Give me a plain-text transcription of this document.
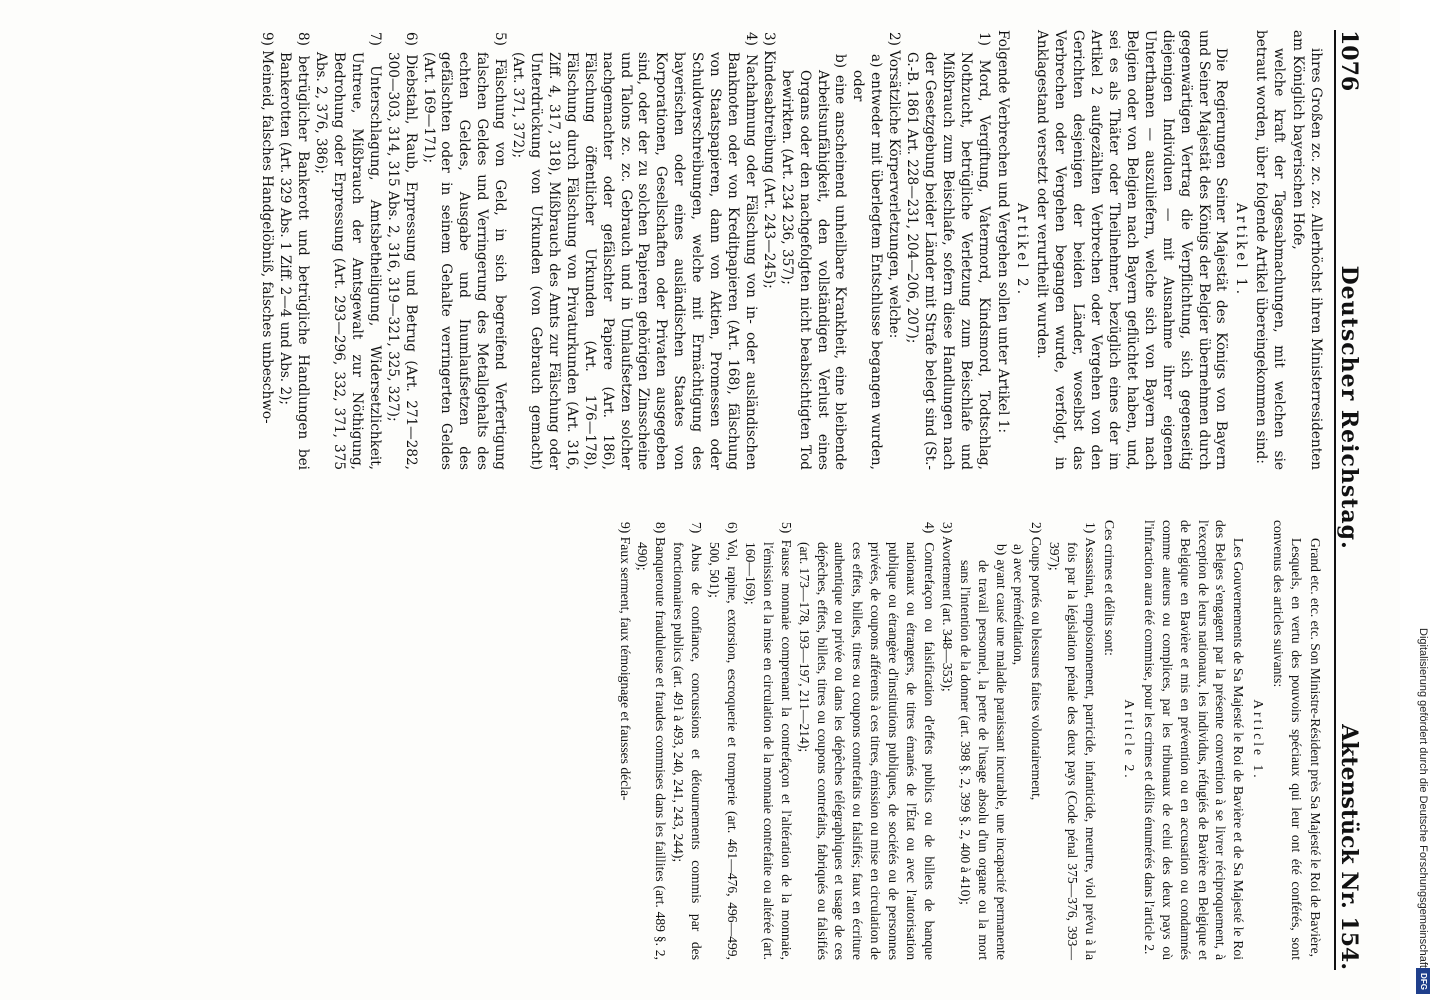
1076
Deutscher Reichstag.
Aktenstück Nr. 154.

ihres Großen zc. zc. zc. Allerhöchst ihren Ministerresidenten am Königlich bayerischen Hofe,

welche kraft der Tagesabmachungen, mit welchen sie betraut worden, über folgende Artikel übereingekommen sind:

Artikel 1.

Die Regierungen Seiner Majestät des Königs von Bayern und Seiner Majestät des Königs der Belgier übernehmen durch gegenwärtigen Vertrag die Verpflichtung, sich gegenseitig diejenigen Individuen — mit Ausnahme ihrer eigenen Unterthanen — auszuliefern, welche sich von Bayern nach Belgien oder von Belgien nach Bayern geflüchtet haben, und, sei es als Thäter oder Theilnehmer, bezüglich eines der im Artikel 2 aufgezählten Verbrechen oder Vergehen von den Gerichten desjenigen der beiden Länder, woselbst das Verbrechen oder Vergehen begangen wurde, verfolgt, in Anklagestand versetzt oder verurtheilt wurden.

Artikel 2.

Folgende Verbrechen und Vergehen sollen unter Artikel 1:

1) Mord, Vergiftung, Vatermord, Kindsmord, Todtschlag, Nothzucht, betrügliche Verletzung zum Beischlafe und Mißbrauch zum Beischlafe, sofern diese Handlungen nach der Gesetzgebung beider Länder mit Strafe belegt sind (St.-G.-B. 1861 Art. 228—231, 204—206, 207);

2) Vorsätzliche Körperverletzungen, welche:

a) entweder mit überlegtem Entschlusse begangen wurden, oder

b) eine anscheinend unheilbare Krankheit, eine bleibende Arbeitsunfähigkeit, den vollständigen Verlust eines Organs oder den nachgefolgten nicht beabsichtigten Tod bewirkten. (Art. 234 236, 357);

3) Kindesabtreibung (Art. 243—245);

4) Nachahmung oder Fälschung von in- oder ausländischen Banknoten oder von Kreditpapieren (Art. 168), fälschung von Staatspapieren, dann von Aktien, Promessen oder Schuldverschreibungen, welche mit Ermächtigung des bayerischen oder eines ausländischen Staates von Korporationen, Gesellschaften oder Privaten ausgegeben sind, oder der zu solchen Papieren gehörigen Zinsscheine und Talons zc. zc. Gebrauch und in Umlaufsetzen solcher nachgemachter oder gefälschter Papiere (Art. 186), Fälschung öffentlicher Urkunden (Art. 176—178), Fälschung durch Fälschung von Privaturkunden (Art. 316, Ziff. 4, 317, 318), Mißbrauch des Amts zur Fälschung oder Unterdrückung von Urkunden (von Gebrauch gemacht) (Art. 371, 372);

5) Fälschung von Geld, in sich begreifend Verfertigung falschen Geldes und Verringerung des Metallgehalts des echten Geldes, Ausgabe und Inumlaufsetzen des gefälschten oder in seinem Gehalte verringerten Geldes (Art. 169—171);

6) Diebstahl, Raub, Erpressung und Betrug (Art. 271—282, 300—303, 314, 315 Abs. 2, 316, 319—321, 325, 327);

7) Unterschlagung, Amtsbetheiligung, Widersetzlichkeit, Untreue, Mißbrauch der Amtsgewalt zur Nöthigung, Bedrohung oder Erpressung (Art. 293—296, 332, 371, 375 Abs. 2, 376, 386);

8) betrüglicher Bankerott und betrügliche Handlungen bei Bankerotten (Art. 329 Abs. 1 Ziff. 2—4 und Abs. 2);

9) Meineid, falsches Handgelöbniß, falsches unbeschwo-

Grand etc. etc. etc. Son Ministre-Résident près Sa Majesté le Roi de Bavière,

Lesquels, en vertu des pouvoirs spéciaux qui leur ont été conférés, sont convenus des articles suivants:

Article 1.

Les Gouvernements de Sa Majesté le Roi de Bavière et de Sa Majesté le Roi des Belges s'engagent par la présente convention à se livrer réciproquement, à l'exception de leurs nationaux, les individus, réfugiés de Bavière en Belgique et de Belgique en Bavière et mis en prévention ou en accusation ou condamnés comme auteurs ou complices, par les tribunaux de celui des deux pays où l'infraction aura été commise, pour les crimes et délits énumérés dans l'article 2.

Article 2.

Ces crimes et délits sont:

1) Assassinat, empoisonnement, parricide, infanticide, meurtre, viol prévu à la fois par la législation pénale des deux pays (Code pénal 375—376, 393—397);

2) Coups portés ou blessures faites volontairement,

a) avec préméditation,

b) ayant causé une maladie paraissant incurable, une incapacité permanente de travail personnel, la perte de l'usage absolu d'un organe ou la mort sans l'intention de la donner (art. 398 §. 2, 399 §. 2, 400 à 410);

3) Avortement (art. 348—353);

4) Contrefaçon ou falsification d'effets publics ou de billets de banque nationaux ou étrangers, de titres émanés de l'État ou avec l'autorisation publique ou étrangère d'institutions publiques, de sociétés ou de personnes privées, de coupons afférents à ces titres, émission ou mise en circulation de ces effets, billets, titres ou coupons contrefaits ou falsifiés; faux en écriture authentique ou privée ou dans les dépêches télégraphiques et usage de ces dépêches, effets, billets, titres ou coupons contrefaits, fabriqués ou falsifiés (art. 173—178, 193—197, 211—214);

5) Fausse monnaie comprenant la contrefaçon et l'altération de la monnaie, l'émission et la mise en circulation de la monnaie contrefaite ou altérée (art. 160—169);

6) Vol, rapine, extorsion, escroquerie et tromperie (art. 461—476, 496—499, 500, 501);

7) Abus de confiance, concussions et détournements commis par des fonctionnaires publics (art. 491 à 493, 240, 241, 243, 244);

8) Banqueroute frauduleuse et fraudes commises dans les faillites (art. 489 §. 2, 490);

9) Faux serment, faux témoignage et fausses décla-	Digitalisierung gefördert durch die Deutsche Forschungsgemeinschaft
DFG
